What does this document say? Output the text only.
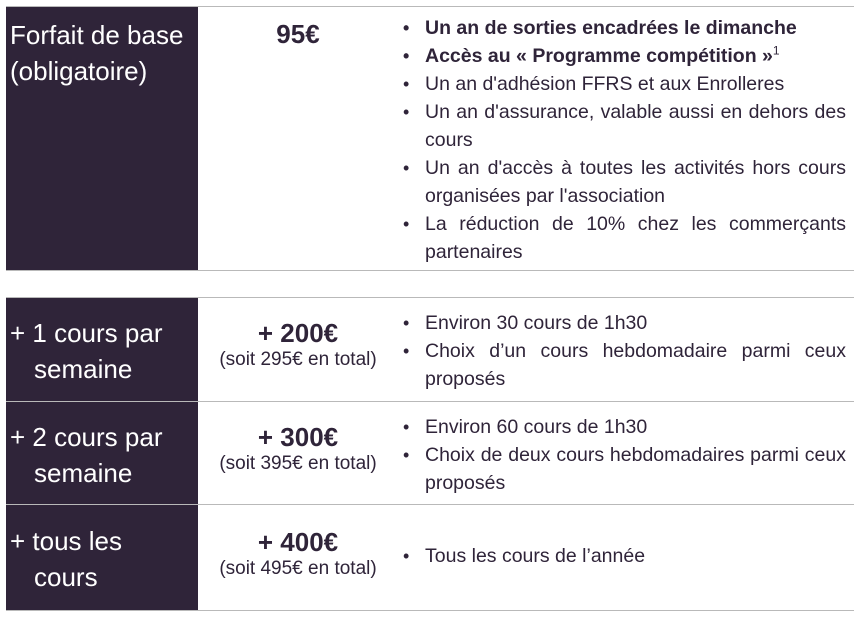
Forfait de base
(obligatoire)
95€
•	Un an de sorties encadrées le dimanche
• Accès au « Programme compétition »$^1$
• Un an d'adhésion FFRS et aux Enrolleres
• Un an d'assurance, valable aussi en dehors des cours
• Un an d'accès à toutes les activités hors cours organisées par l'association
• La réduction de 10% chez les commerçants partenaires
+ 1 cours par
semaine
+ 200€
(soit 295€ en total)
• Environ 30 cours de 1h30
• Choix d’un cours hebdomadaire parmi ceux proposés
+ 2 cours par
semaine
+ 300€
(soit 395€ en total)
• Environ 60 cours de 1h30
• Choix de deux cours hebdomadaires parmi ceux proposés
+ tous les
cours
+ 400€
(soit 495€ en total)
• Tous les cours de l’année
